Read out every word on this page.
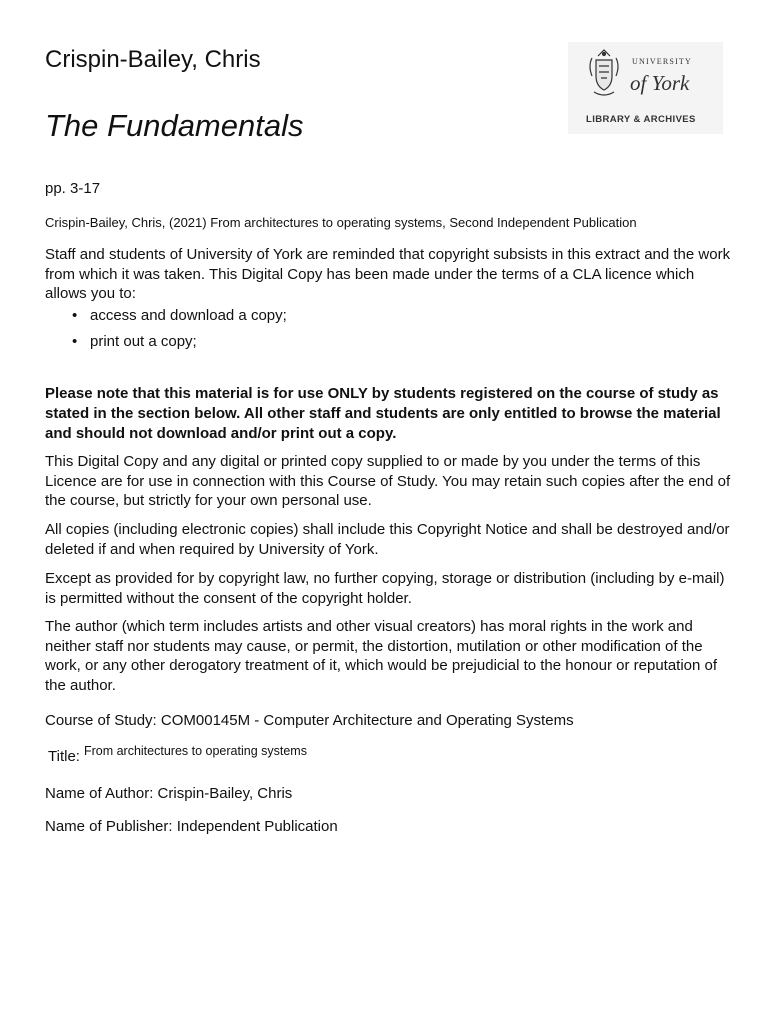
Crispin-Bailey, Chris
The Fundamentals
UNIVERSITY
of York
LIBRARY & ARCHIVES
pp. 3-17
Crispin-Bailey, Chris, (2021) From architectures to operating systems, Second Independent Publication

Staff and students of University of York are reminded that copyright subsists in this extract and the work from which it was taken. This Digital Copy has been made under the terms of a CLA licence which allows you to:

• access and download a copy;
• print out a copy;
Please note that this material is for use ONLY by students registered on the course of study as stated in the section below. All other staff and students are only entitled to browse the material and should not download and/or print out a copy.

This Digital Copy and any digital or printed copy supplied to or made by you under the terms of this Licence are for use in connection with this Course of Study. You may retain such copies after the end of the course, but strictly for your own personal use.

All copies (including electronic copies) shall include this Copyright Notice and shall be destroyed and/or deleted if and when required by University of York.

Except as provided for by copyright law, no further copying, storage or distribution (including by e-mail) is permitted without the consent of the copyright holder.

The author (which term includes artists and other visual creators) has moral rights in the work and neither staff nor students may cause, or permit, the distortion, mutilation or other modification of the work, or any other derogatory treatment of it, which would be prejudicial to the honour or reputation of the author.

Course of Study: COM00145M - Computer Architecture and Operating Systems
Title: $^{From architectures to operating systems}$
Name of Author: Crispin-Bailey, Chris
Name of Publisher: Independent Publication
